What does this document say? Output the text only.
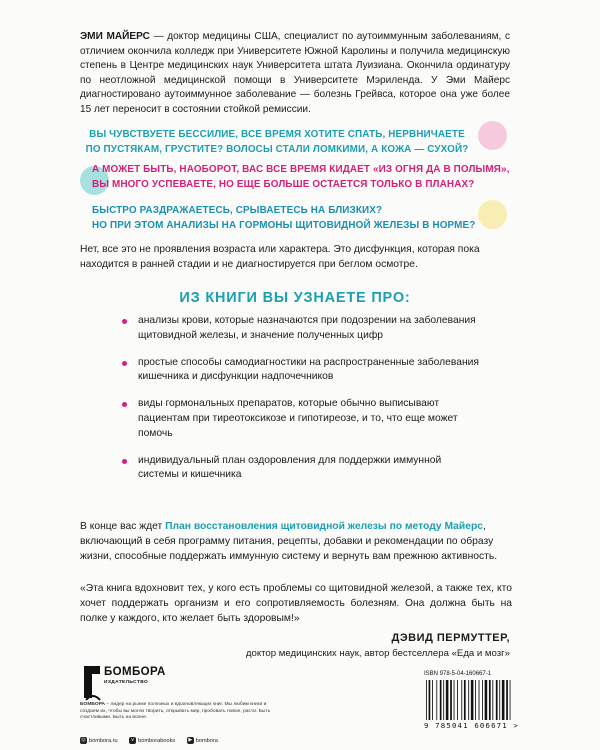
ЭМИ МАЙЕРС — доктор медицины США, специалист по аутоиммунным заболеваниям, с отличием окончила колледж при Университете Южной Каролины и получила медицинскую степень в Центре медицинских наук Университета штата Луизиана. Окончила ординатуру по неотложной медицинской помощи в Университете Мэриленда. У Эми Майерс диагностировано аутоиммунное заболевание — болезнь Грейвса, которое она уже более 15 лет переносит в состоянии стойкой ремиссии.
ВЫ ЧУВСТВУЕТЕ БЕССИЛИЕ, ВСЕ ВРЕМЯ ХОТИТЕ СПАТЬ, НЕРВНИЧАЕТЕ
ПО ПУСТЯКАМ, ГРУСТИТЕ? ВОЛОСЫ СТАЛИ ЛОМКИМИ, А КОЖА — СУХОЙ?
А МОЖЕТ БЫТЬ, НАОБОРОТ, ВАС ВСЕ ВРЕМЯ КИДАЕТ «ИЗ ОГНЯ ДА В ПОЛЫМЯ»,
ВЫ МНОГО УСПЕВАЕТЕ, НО ЕЩЕ БОЛЬШЕ ОСТАЕТСЯ ТОЛЬКО В ПЛАНАХ?
БЫСТРО РАЗДРАЖАЕТЕСЬ, СРЫВАЕТЕСЬ НА БЛИЗКИХ?
НО ПРИ ЭТОМ АНАЛИЗЫ НА ГОРМОНЫ ЩИТОВИДНОЙ ЖЕЛЕЗЫ В НОРМЕ?
Нет, все это не проявления возраста или характера. Это дисфункция, которая пока находится в ранней стадии и не диагностируется при беглом осмотре.
ИЗ КНИГИ ВЫ УЗНАЕТЕ ПРО:
анализы крови, которые назначаются при подозрении на заболевания щитовидной железы, и значение полученных цифр
простые способы самодиагностики на распространенные заболевания кишечника и дисфункции надпочечников
виды гормональных препаратов, которые обычно выписывают пациентам при тиреотоксикозе и гипотиреозе, и то, что еще может помочь
индивидуальный план оздоровления для поддержки иммунной системы и кишечника
В конце вас ждет План восстановления щитовидной железы по методу Майерс, включающий в себя программу питания, рецепты, добавки и рекомендации по образу жизни, способные поддержать иммунную систему и вернуть вам прежнюю активность.
«Эта книга вдохновит тех, у кого есть проблемы со щитовидной железой, а также тех, кто хочет поддержать организм и его сопротивляемость болезням. Она должна быть на полке у каждого, кто желает быть здоровым!»
ДЭВИД ПЕРМУТТЕР,
доктор медицинских наук, автор бестселлера «Еда и мозг»
БОМБОРА
ИЗДАТЕЛЬСТВО
БОМБОРА – лидер на рынке полезных и вдохновляющих книг. Мы любим книги и создаем их, чтобы вы могли творить, открывать мир, пробовать новое, расти. Быть счастливыми. Быть на волне.
◎ bombora.ru	v bomborabooks	▶ bombora
ISBN 978-5-04-160667-1
9 785041 606671 >
